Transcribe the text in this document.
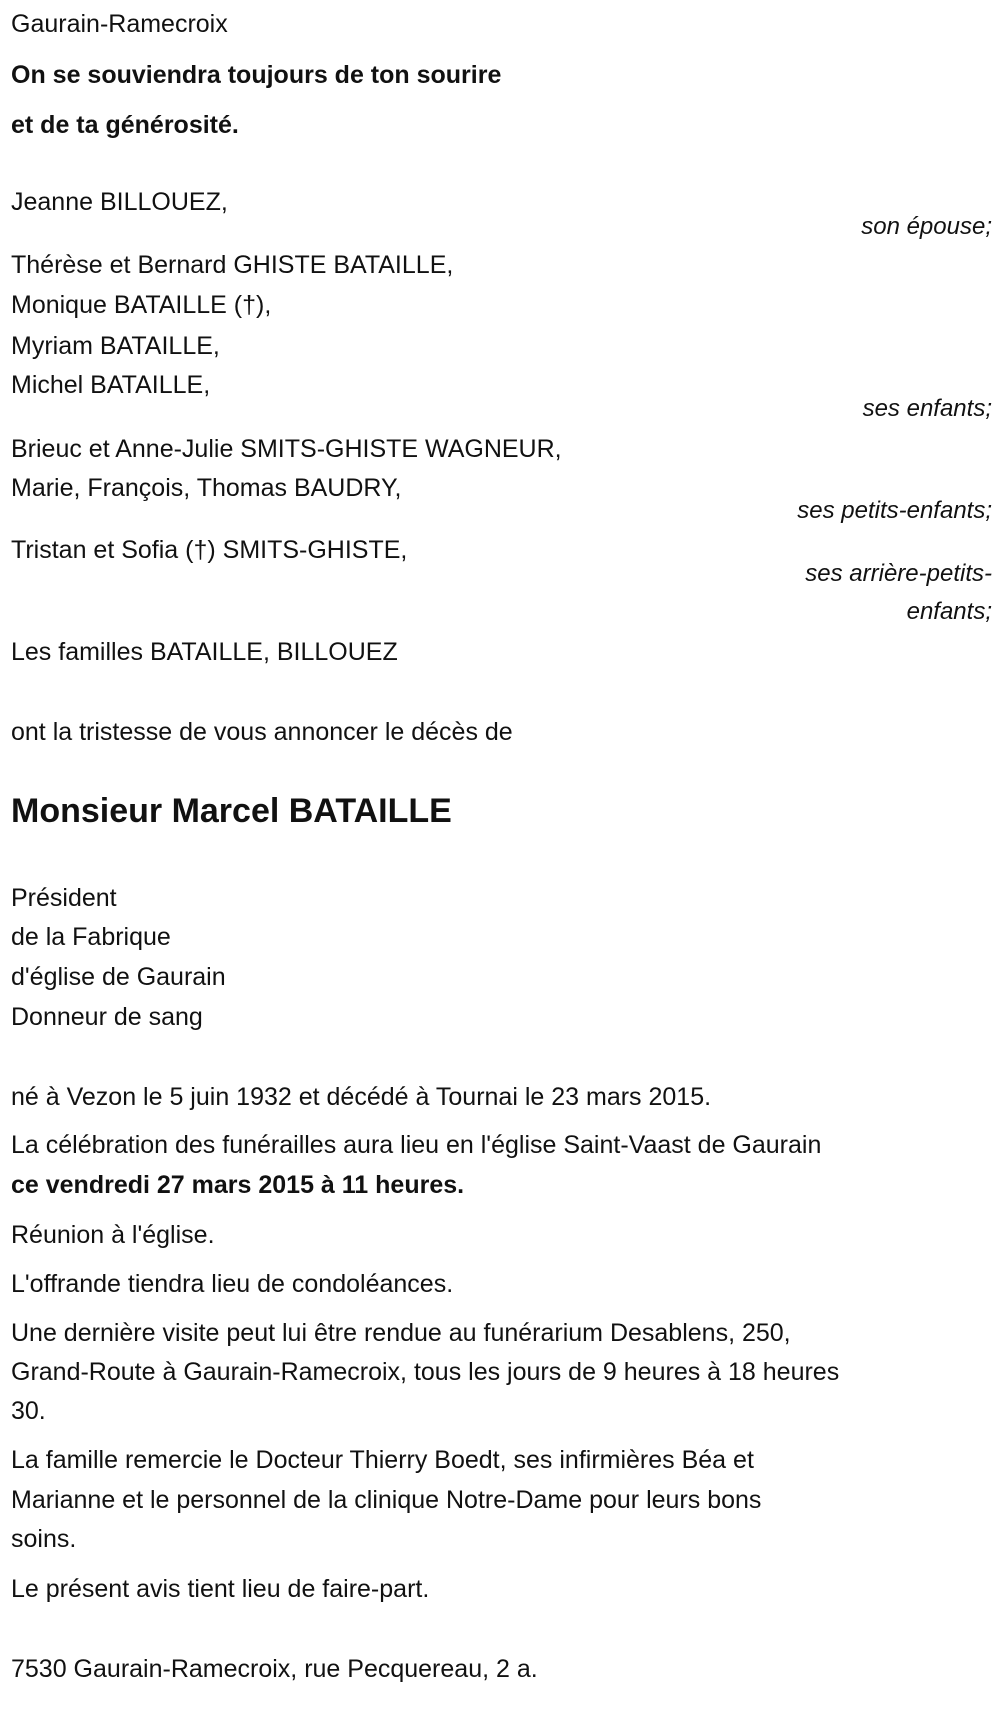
Gaurain-Ramecroix
On se souviendra toujours de ton sourire
et de ta générosité.
Jeanne BILLOUEZ,
son épouse;
Thérèse et Bernard GHISTE BATAILLE,
Monique BATAILLE (†),
Myriam BATAILLE,
Michel BATAILLE,
ses enfants;
Brieuc et Anne-Julie SMITS-GHISTE WAGNEUR,
Marie, François, Thomas BAUDRY,
ses petits-enfants;
Tristan et Sofia (†) SMITS-GHISTE,
ses arrière-petits-
enfants;
Les familles BATAILLE, BILLOUEZ
ont la tristesse de vous annoncer le décès de
Monsieur Marcel BATAILLE
Président
de la Fabrique
d'église de Gaurain
Donneur de sang
né à Vezon le 5 juin 1932 et décédé à Tournai le 23 mars 2015.
La célébration des funérailles aura lieu en l'église Saint-Vaast de Gaurain
ce vendredi 27 mars 2015 à 11 heures.
Réunion à l'église.
L'offrande tiendra lieu de condoléances.
Une dernière visite peut lui être rendue au funérarium Desablens, 250,
Grand-Route à Gaurain-Ramecroix, tous les jours de 9 heures à 18 heures
30.
La famille remercie le Docteur Thierry Boedt, ses infirmières Béa et
Marianne et le personnel de la clinique Notre-Dame pour leurs bons
soins.
Le présent avis tient lieu de faire-part.
7530 Gaurain-Ramecroix, rue Pecquereau, 2 a.
